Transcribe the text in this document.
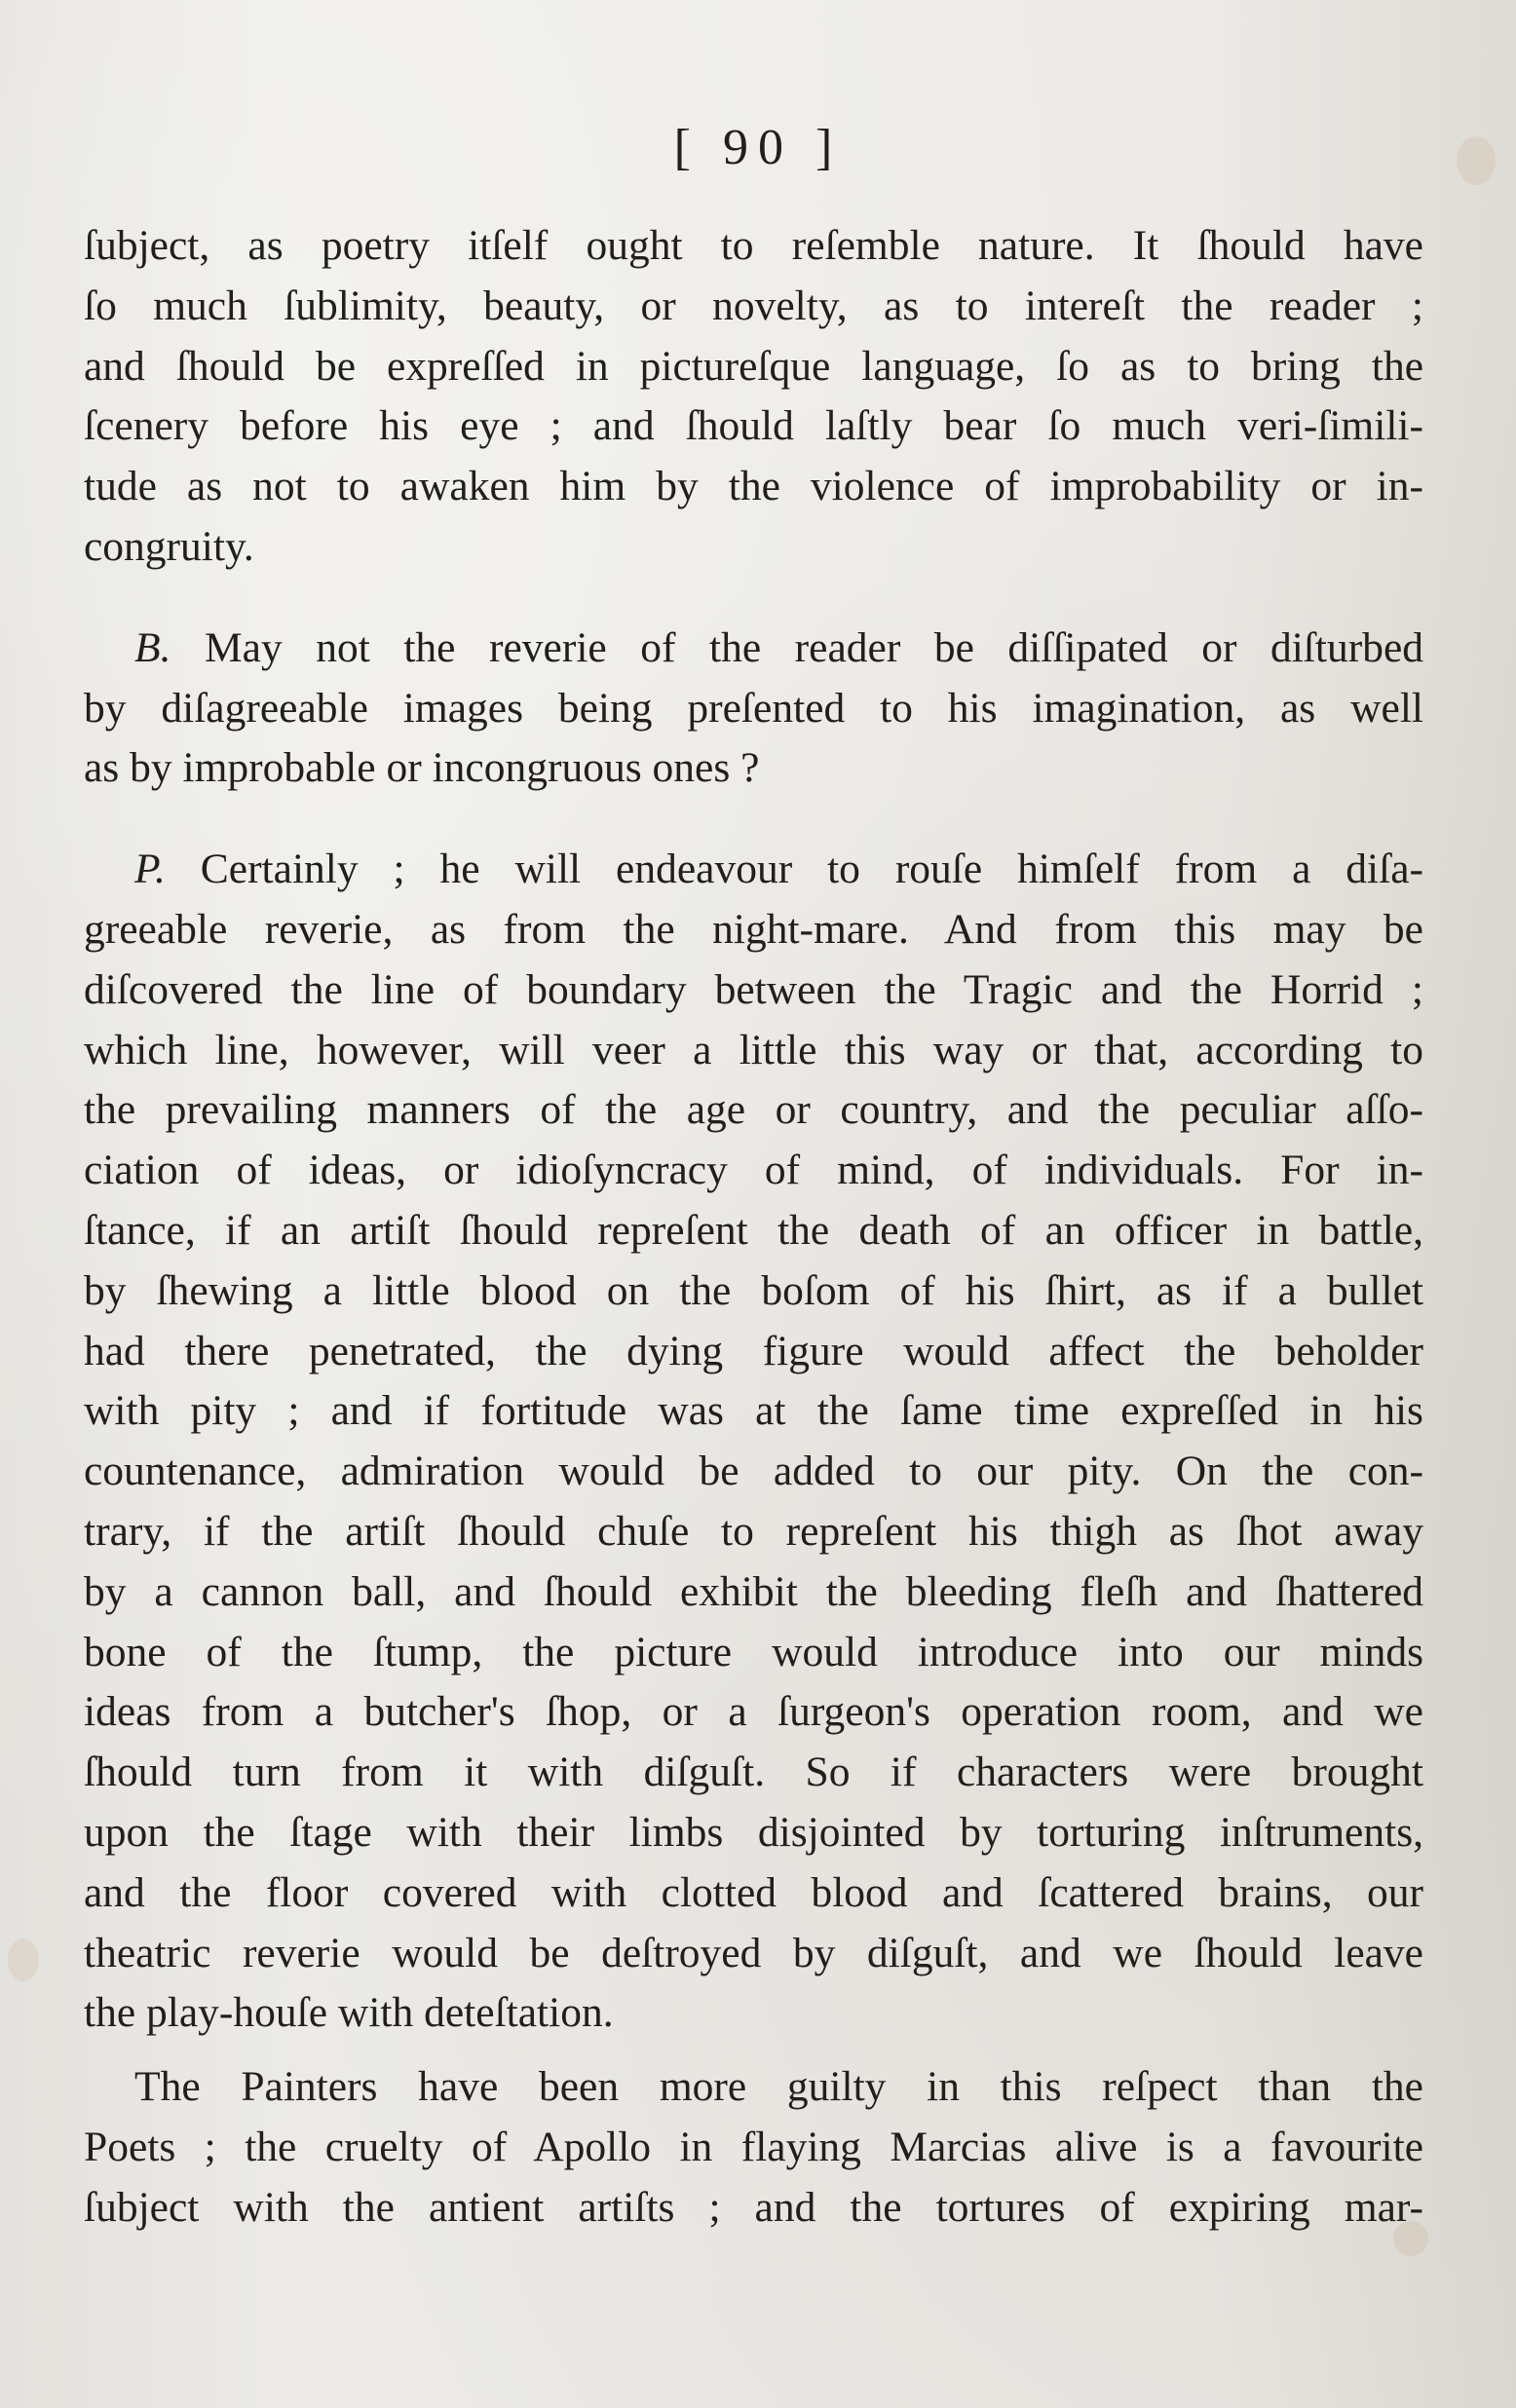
[ 90 ]
ſubject, as poetry itſelf ought to reſemble nature. It ſhould have
ſo much ſublimity, beauty, or novelty, as to intereſt the reader ;
and ſhould be expreſſed in pictureſque language, ſo as to bring the
ſcenery before his eye ; and ſhould laſtly bear ſo much veri-ſimili-
tude as not to awaken him by the violence of improbability or in-
congruity.
B. May not the reverie of the reader be diſſipated or diſturbed
by diſagreeable images being preſented to his imagination, as well
as by improbable or incongruous ones ?
P. Certainly ; he will endeavour to rouſe himſelf from a diſa-
greeable reverie, as from the night-mare. And from this may be
diſcovered the line of boundary between the Tragic and the Horrid ;
which line, however, will veer a little this way or that, according to
the prevailing manners of the age or country, and the peculiar aſſo-
ciation of ideas, or idioſyncracy of mind, of individuals. For in-
ſtance, if an artiſt ſhould repreſent the death of an officer in battle,
by ſhewing a little blood on the boſom of his ſhirt, as if a bullet
had there penetrated, the dying figure would affect the beholder
with pity ; and if fortitude was at the ſame time expreſſed in his
countenance, admiration would be added to our pity. On the con-
trary, if the artiſt ſhould chuſe to repreſent his thigh as ſhot away
by a cannon ball, and ſhould exhibit the bleeding fleſh and ſhattered
bone of the ſtump, the picture would introduce into our minds
ideas from a butcher's ſhop, or a ſurgeon's operation room, and we
ſhould turn from it with diſguſt. So if characters were brought
upon the ſtage with their limbs disjointed by torturing inſtruments,
and the floor covered with clotted blood and ſcattered brains, our
theatric reverie would be deſtroyed by diſguſt, and we ſhould leave
the play-houſe with deteſtation.
The Painters have been more guilty in this reſpect than the
Poets ; the cruelty of Apollo in flaying Marcias alive is a favourite
ſubject with the antient artiſts ; and the tortures of expiring mar-
